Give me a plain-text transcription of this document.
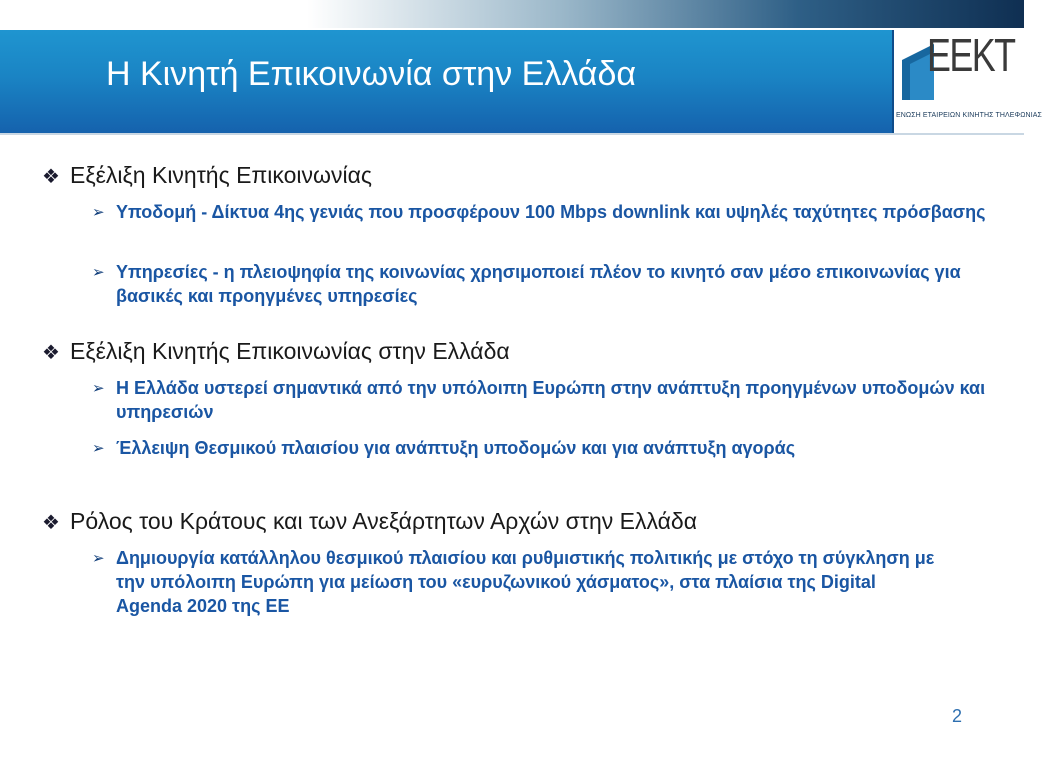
Η Κινητή Επικοινωνία στην Ελλάδα	ΕΕΚΤ
ΕΝΩΣΗ ΕΤΑΙΡΕΙΩΝ ΚΙΝΗΤΗΣ ΤΗΛΕΦΩΝΙΑΣ
❖ Εξέλιξη Κινητής Επικοινωνίας
➢ Υποδομή - Δίκτυα 4ης γενιάς που προσφέρουν 100 Mbps downlink και υψηλές ταχύτητες πρόσβασης
➢ Υπηρεσίες - η πλειοψηφία της κοινωνίας χρησιμοποιεί πλέον το κινητό σαν μέσο επικοινωνίας για βασικές και προηγμένες υπηρεσίες
❖ Εξέλιξη Κινητής Επικοινωνίας στην Ελλάδα
➢ Η Ελλάδα υστερεί σημαντικά από την υπόλοιπη Ευρώπη στην ανάπτυξη προηγμένων υποδομών και υπηρεσιών
➢ Έλλειψη Θεσμικού πλαισίου για ανάπτυξη υποδομών και για ανάπτυξη αγοράς
❖ Ρόλος του Κράτους και των Ανεξάρτητων Αρχών στην Ελλάδα
➢ Δημιουργία κατάλληλου θεσμικού πλαισίου και ρυθμιστικής πολιτικής με στόχο τη σύγκληση με την υπόλοιπη Ευρώπη για μείωση του «ευρυζωνικού χάσματος», στα πλαίσια της Digital Agenda 2020 της ΕΕ
2
